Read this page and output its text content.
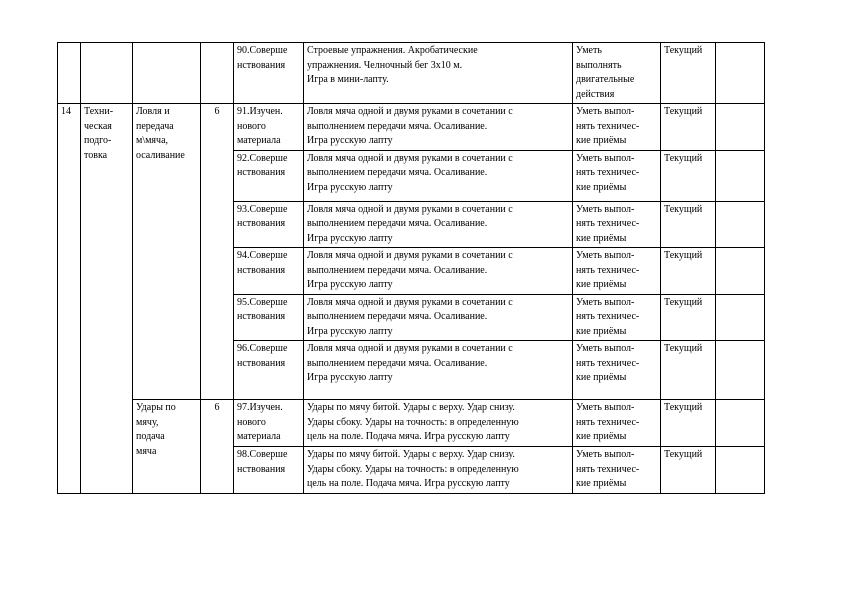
				90.Соверше
нствования	Строевые упражнения. Акробатические
упражнения. Челночный бег 3х10 м.
Игра в мини-лапту.	Уметь
выполнять
двигательные
действия	Текущий	
14	Техни-
ческая
подго-
товка	Ловля и
передача
м\мяча,
осаливание	6	91.Изучен.
нового
материала	Ловля мяча одной и двумя руками в сочетании с
выполнением передачи мяча. Осаливание.
Игра русскую лапту	Уметь выпол-
нять техничес-
кие приёмы	Текущий	

				92.Соверше
нствования	Ловля мяча одной и двумя руками в сочетании с
выполнением передачи мяча. Осаливание.
Игра русскую лапту	Уметь выпол-
нять техничес-
кие приёмы	Текущий	

				93.Соверше
нствования	Ловля мяча одной и двумя руками в сочетании с
выполнением передачи мяча. Осаливание.
Игра русскую лапту	Уметь выпол-
нять техничес-
кие приёмы	Текущий	

				94.Соверше
нствования	Ловля мяча одной и двумя руками в сочетании с
выполнением передачи мяча. Осаливание.
Игра русскую лапту	Уметь выпол-
нять техничес-
кие приёмы	Текущий	

				95.Соверше
нствования	Ловля мяча одной и двумя руками в сочетании с
выполнением передачи мяча. Осаливание.
Игра русскую лапту	Уметь выпол-
нять техничес-
кие приёмы	Текущий	

				96.Соверше
нствования	Ловля мяча одной и двумя руками в сочетании с
выполнением передачи мяча. Осаливание.
Игра русскую лапту	Уметь выпол-
нять техничес-
кие приёмы	Текущий	

		Удары по
мячу,
подача
мяча	6	97.Изучен.
нового
материала	Удары по мячу битой. Удары с верху. Удар снизу.
Удары сбоку. Удары на точность: в определенную
цель на поле. Подача мяча. Игра русскую лапту	Уметь выпол-
нять техничес-
кие приёмы	Текущий	

				98.Соверше
нствования	Удары по мячу битой. Удары с верху. Удар снизу.
Удары сбоку. Удары на точность: в определенную
цель на поле. Подача мяча. Игра русскую лапту	Уметь выпол-
нять техничес-
кие приёмы	Текущий	
